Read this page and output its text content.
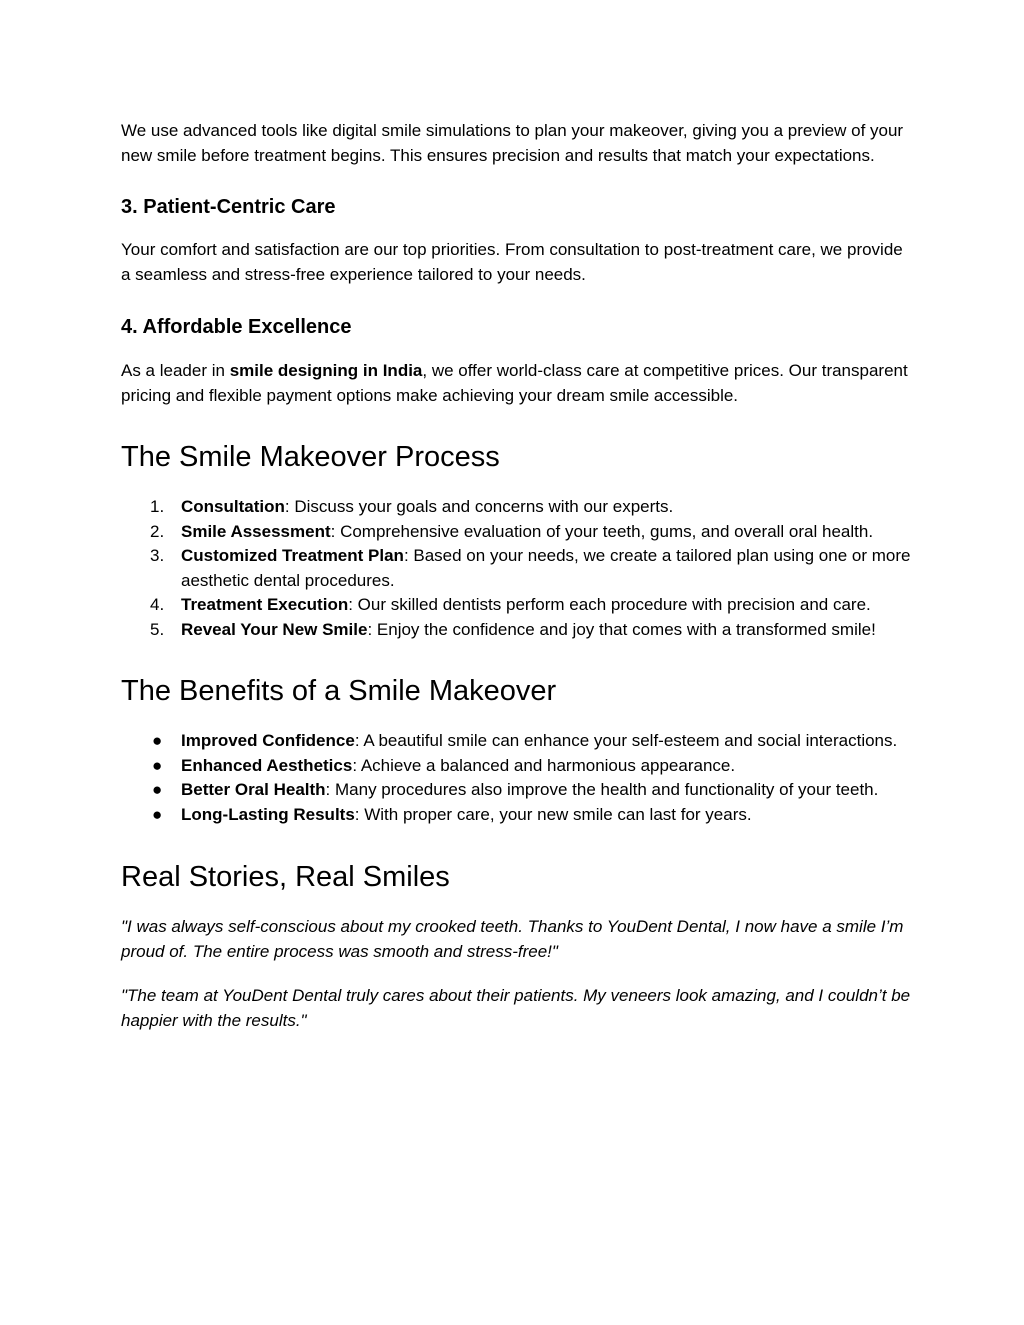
We use advanced tools like digital smile simulations to plan your makeover, giving you a preview of your new smile before treatment begins. This ensures precision and results that match your expectations.

3. Patient-Centric Care

Your comfort and satisfaction are our top priorities. From consultation to post-treatment care, we provide a seamless and stress-free experience tailored to your needs.

4. Affordable Excellence

As a leader in smile designing in India, we offer world-class care at competitive prices. Our transparent pricing and flexible payment options make achieving your dream smile accessible.

The Smile Makeover Process
1. Consultation: Discuss your goals and concerns with our experts.
2. Smile Assessment: Comprehensive evaluation of your teeth, gums, and overall oral health.
3. Customized Treatment Plan: Based on your needs, we create a tailored plan using one or more aesthetic dental procedures.
4. Treatment Execution: Our skilled dentists perform each procedure with precision and care.
5. Reveal Your New Smile: Enjoy the confidence and joy that comes with a transformed smile!
The Benefits of a Smile Makeover
● Improved Confidence: A beautiful smile can enhance your self-esteem and social interactions.
● Enhanced Aesthetics: Achieve a balanced and harmonious appearance.
● Better Oral Health: Many procedures also improve the health and functionality of your teeth.
● Long-Lasting Results: With proper care, your new smile can last for years.
Real Stories, Real Smiles

"I was always self-conscious about my crooked teeth. Thanks to YouDent Dental, I now have a smile I’m proud of. The entire process was smooth and stress-free!"

"The team at YouDent Dental truly cares about their patients. My veneers look amazing, and I couldn’t be happier with the results."
